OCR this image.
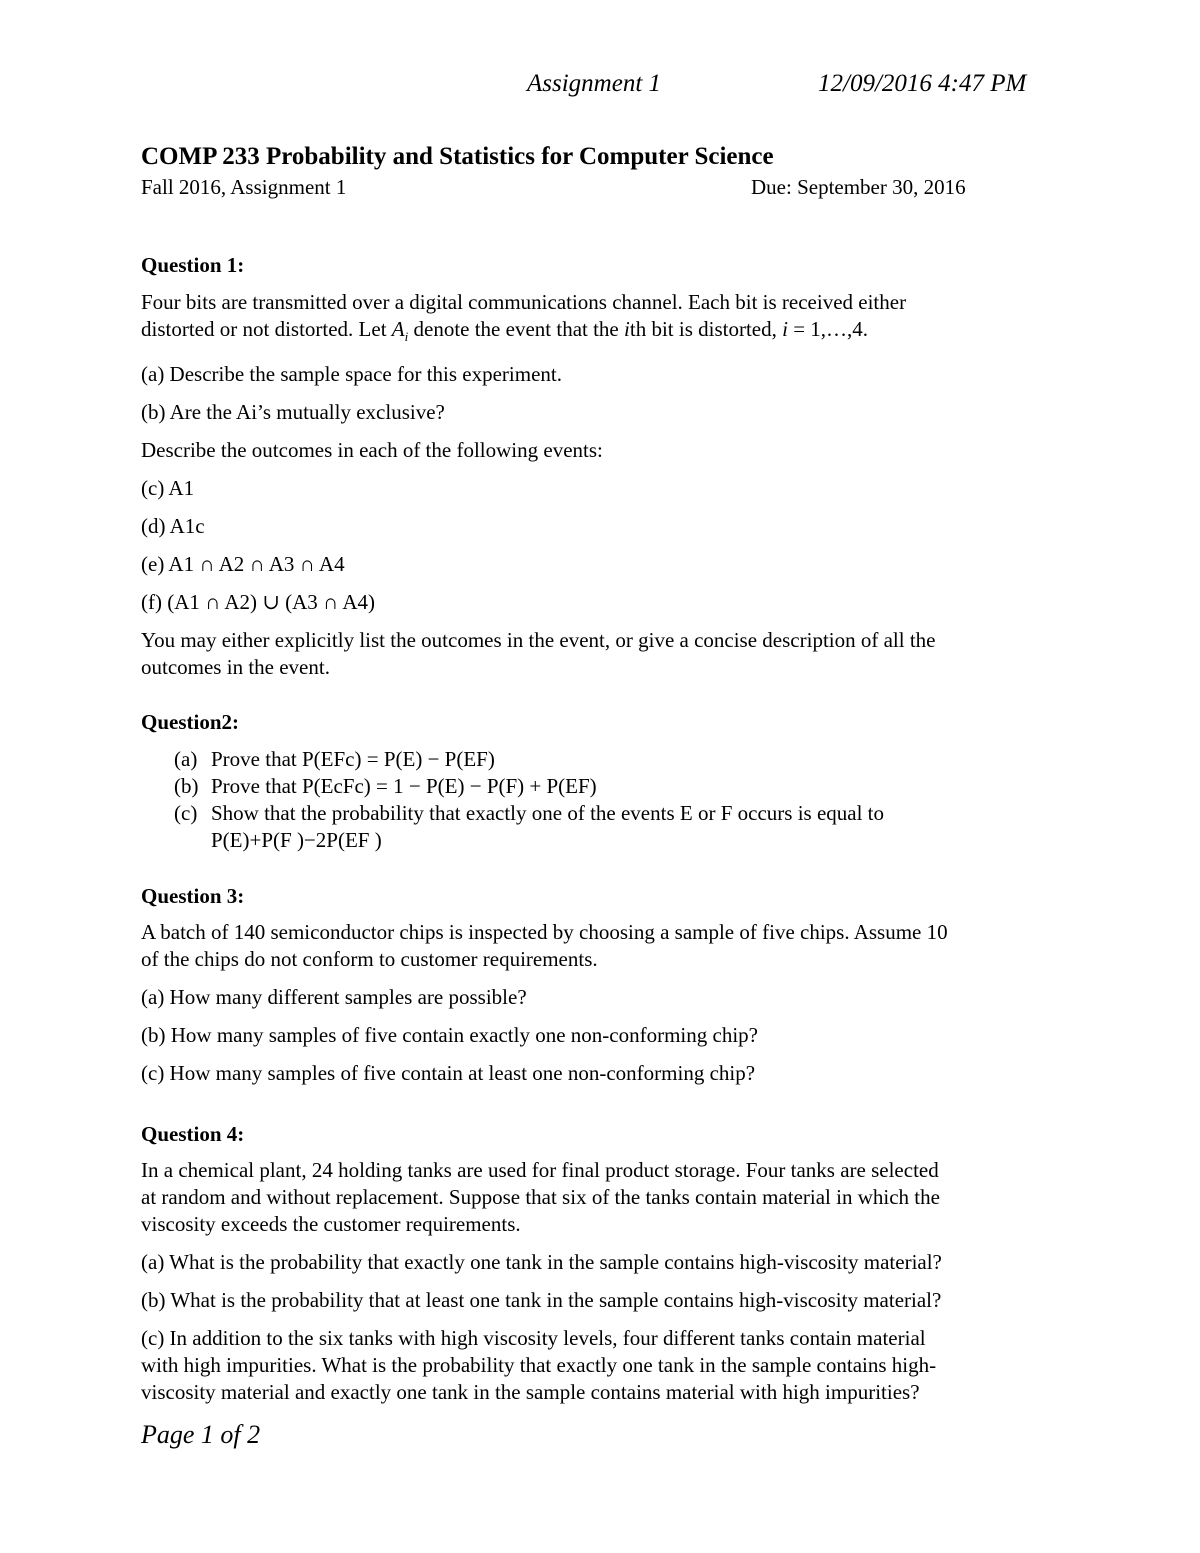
Assignment 1	12/09/2016 4:47 PM
COMP 233 Probability and Statistics for Computer Science
Fall 2016, Assignment 1	Due: September 30, 2016

Question 1:

Four bits are transmitted over a digital communications channel. Each bit is received either

distorted or not distorted. Let $A_i$ denote the event that the ith bit is distorted, i = 1,…,4.

(a) Describe the sample space for this experiment.

(b) Are the Ai’s mutually exclusive?

Describe the outcomes in each of the following events:

(c) A1

(d) A1c

(e) A1 ∩ A2 ∩ A3 ∩ A4

(f) (A1 ∩ A2) ∪ (A3 ∩ A4)

You may either explicitly list the outcomes in the event, or give a concise description of all the

outcomes in the event.

Question2:

(a) Prove that P(EFc) = P(E) − P(EF)
(b) Prove that P(EcFc) = 1 − P(E) − P(F) + P(EF)
(c) Show that the probability that exactly one of the events E or F occurs is equal to
P(E)+P(F )−2P(EF )

Question 3:

A batch of 140 semiconductor chips is inspected by choosing a sample of five chips. Assume 10

of the chips do not conform to customer requirements.

(a) How many different samples are possible?

(b) How many samples of five contain exactly one non-conforming chip?

(c) How many samples of five contain at least one non-conforming chip?

Question 4:

In a chemical plant, 24 holding tanks are used for final product storage. Four tanks are selected

at random and without replacement. Suppose that six of the tanks contain material in which the

viscosity exceeds the customer requirements.

(a) What is the probability that exactly one tank in the sample contains high-viscosity material?

(b) What is the probability that at least one tank in the sample contains high-viscosity material?

(c) In addition to the six tanks with high viscosity levels, four different tanks contain material

with high impurities. What is the probability that exactly one tank in the sample contains high-

viscosity material and exactly one tank in the sample contains material with high impurities?

Page 1 of 2
